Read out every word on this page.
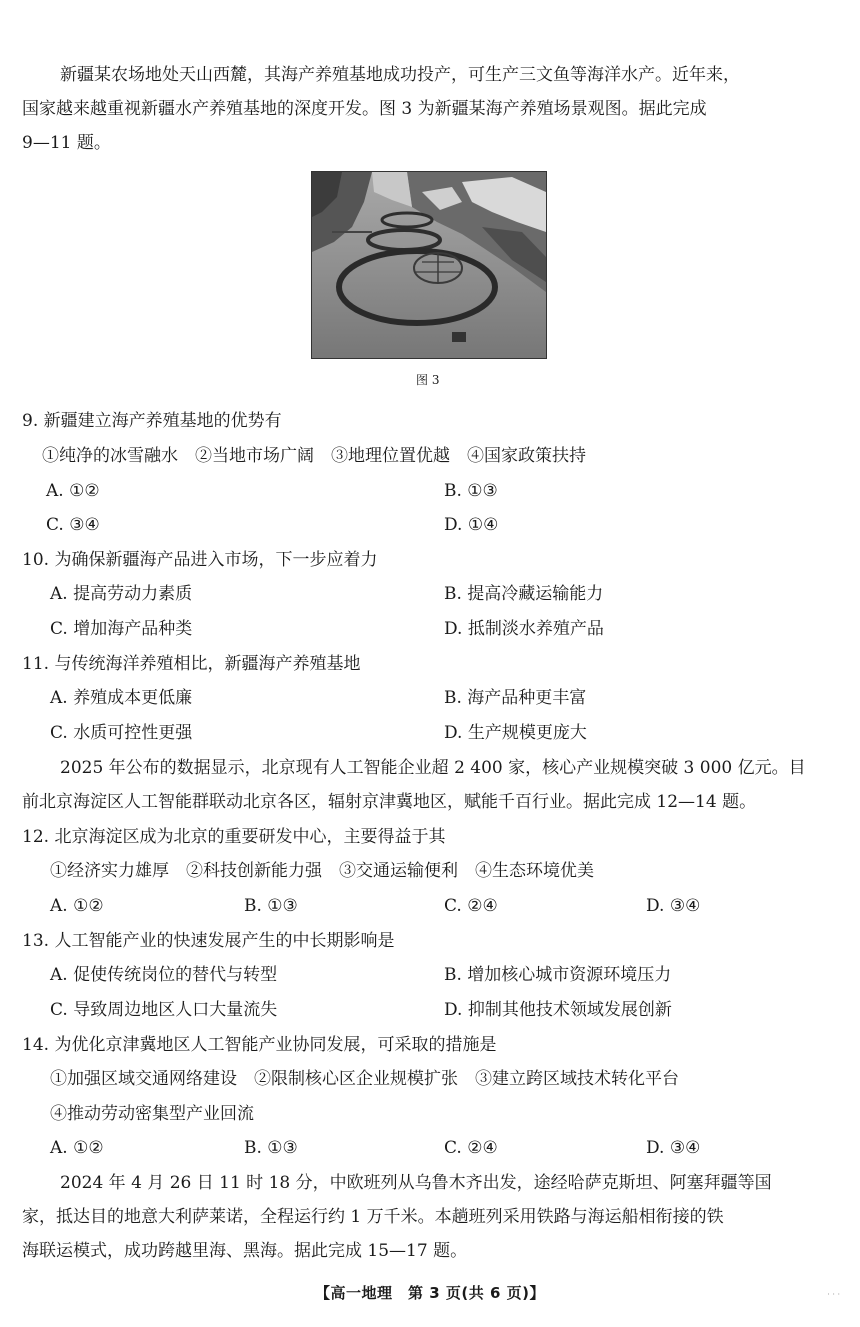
新疆某农场地处天山西麓，其海产养殖基地成功投产，可生产三文鱼等海洋水产。近年来，
国家越来越重视新疆水产养殖基地的深度开发。图 3 为新疆某海产养殖场景观图。据此完成
9—11 题。
图 3

9. 新疆建立海产养殖基地的优势有

①纯净的冰雪融水　②当地市场广阔　③地理位置优越　④国家政策扶持

A. ①②	B. ①③

C. ③④	D. ①④

10. 为确保新疆海产品进入市场，下一步应着力

A. 提高劳动力素质	B. 提高冷藏运输能力

C. 增加海产品种类	D. 抵制淡水养殖产品

11. 与传统海洋养殖相比，新疆海产养殖基地

A. 养殖成本更低廉	B. 海产品种更丰富

C. 水质可控性更强	D. 生产规模更庞大

2025 年公布的数据显示，北京现有人工智能企业超 2 400 家，核心产业规模突破 3 000 亿元。目
前北京海淀区人工智能群联动北京各区，辐射京津冀地区，赋能千百行业。据此完成 12—14 题。

12. 北京海淀区成为北京的重要研发中心，主要得益于其

①经济实力雄厚　②科技创新能力强　③交通运输便利　④生态环境优美

A. ①②	B. ①③	C. ②④	D. ③④

13. 人工智能产业的快速发展产生的中长期影响是

A. 促使传统岗位的替代与转型	B. 增加核心城市资源环境压力

C. 导致周边地区人口大量流失	D. 抑制其他技术领域发展创新

14. 为优化京津冀地区人工智能产业协同发展，可采取的措施是

①加强区域交通网络建设　②限制核心区企业规模扩张　③建立跨区域技术转化平台

④推动劳动密集型产业回流

A. ①②	B. ①③	C. ②④	D. ③④

2024 年 4 月 26 日 11 时 18 分，中欧班列从乌鲁木齐出发，途经哈萨克斯坦、阿塞拜疆等国
家，抵达目的地意大利萨莱诺，全程运行约 1 万千米。本趟班列采用铁路与海运船相衔接的铁
海联运模式，成功跨越里海、黑海。据此完成 15—17 题。
【高一地理　第 3 页(共 6 页)】	· · ·
